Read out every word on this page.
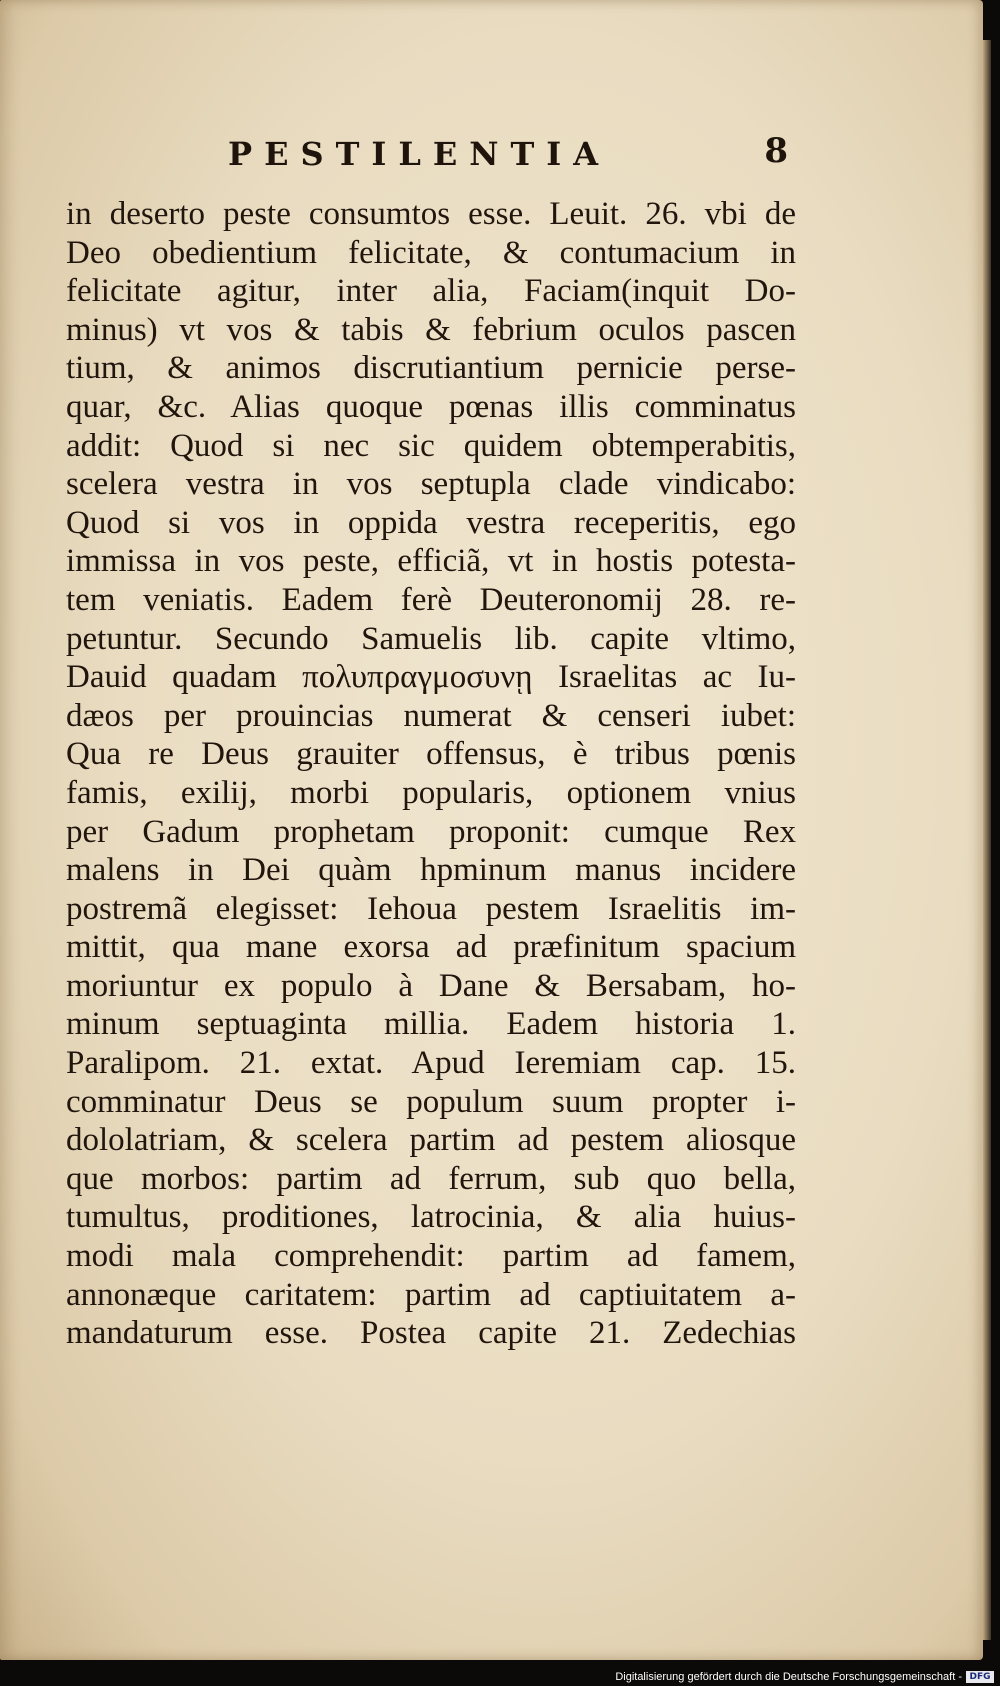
PESTILENTIA	8
in deserto peste consumtos esse. Leuit. 26. vbi de
Deo obedientium felicitate, & contumacium in
felicitate agitur, inter alia, Faciam(inquit Do-
minus) vt vos & tabis & febrium oculos pascen
tium, & animos discrutiantium pernicie perse-
quar, &c. Alias quoque pœnas illis comminatus
addit: Quod si nec sic quidem obtemperabitis,
scelera vestra in vos septupla clade vindicabo:
Quod si vos in oppida vestra receperitis, ego
immissa in vos peste, efficiã, vt in hostis potesta-
tem veniatis. Eadem ferè Deuteronomij 28. re-
petuntur. Secundo Samuelis lib. capite vltimo,
Dauid quadam πολυπραγμοσυνῃ Israelitas ac Iu-
dæos per prouincias numerat & censeri iubet:
Qua re Deus grauiter offensus, è tribus pœnis
famis, exilij, morbi popularis, optionem vnius
per Gadum prophetam proponit: cumque Rex
malens in Dei quàm hpminum manus incidere
postremã elegisset: Iehoua pestem Israelitis im-
mittit, qua mane exorsa ad præfinitum spacium
moriuntur ex populo à Dane & Bersabam, ho-
minum septuaginta millia. Eadem historia 1.
Paralipom. 21. extat. Apud Ieremiam cap. 15.
comminatur Deus se populum suum propter i-
dololatriam, & scelera partim ad pestem aliosque
que morbos: partim ad ferrum, sub quo bella,
tumultus, proditiones, latrocinia, & alia huius-
modi mala comprehendit: partim ad famem,
annonæque caritatem: partim ad captiuitatem a-
mandaturum esse. Postea capite 21. Zedechias
Digitalisierung gefördert durch die Deutsche Forschungsgemeinschaft - DFG
